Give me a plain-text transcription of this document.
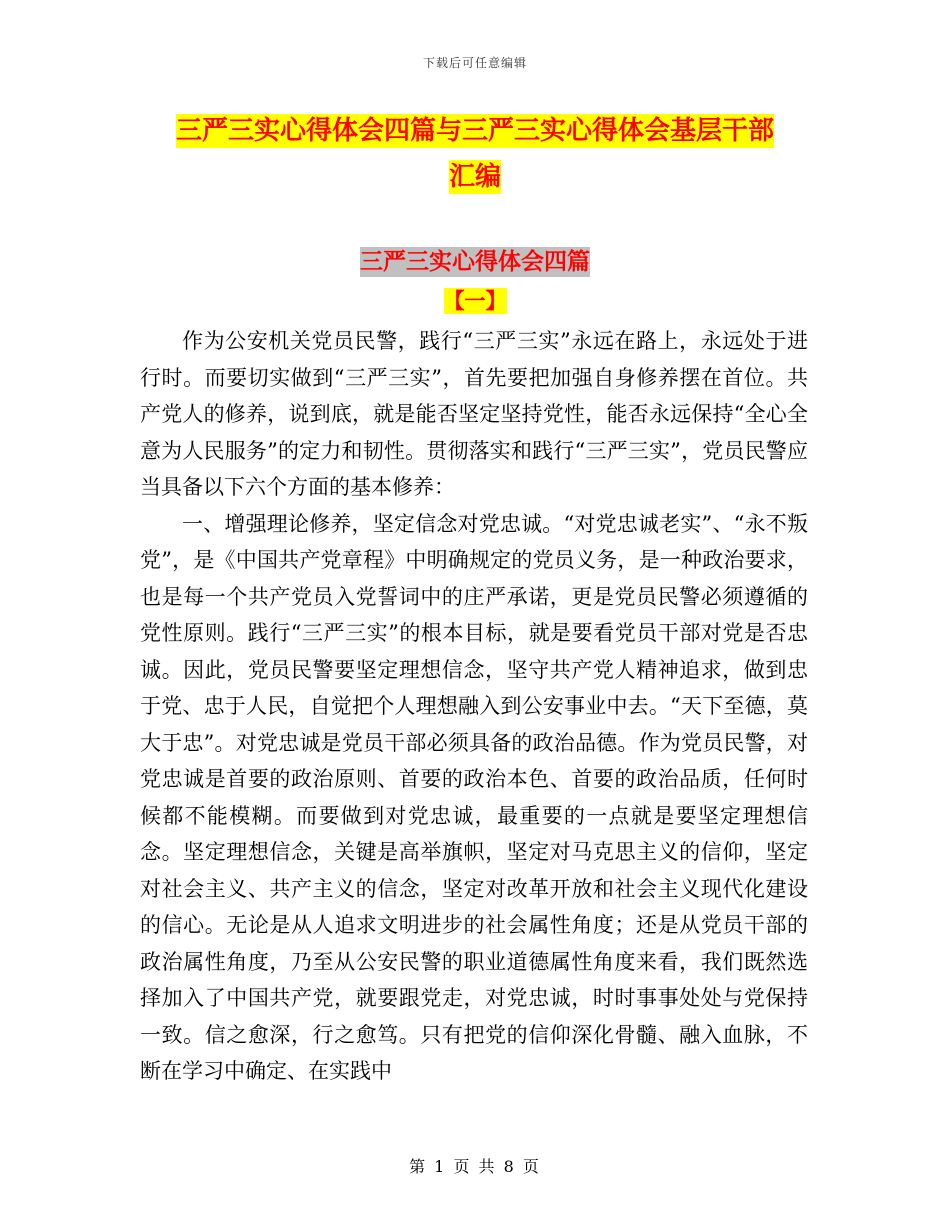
下载后可任意编辑
三严三实心得体会四篇与三严三实心得体会基层干部
汇编
三严三实心得体会四篇
【一】

作为公安机关党员民警，践行“三严三实”永远在路上，永远处于进行时。而要切实做到“三严三实”，首先要把加强自身修养摆在首位。共产党人的修养，说到底，就是能否坚定坚持党性，能否永远保持“全心全意为人民服务”的定力和韧性。贯彻落实和践行“三严三实”，党员民警应当具备以下六个方面的基本修养：

一、增强理论修养，坚定信念对党忠诚。“对党忠诚老实”、“永不叛党”，是《中国共产党章程》中明确规定的党员义务，是一种政治要求，也是每一个共产党员入党誓词中的庄严承诺，更是党员民警必须遵循的党性原则。践行“三严三实”的根本目标，就是要看党员干部对党是否忠诚。因此，党员民警要坚定理想信念，坚守共产党人精神追求，做到忠于党、忠于人民，自觉把个人理想融入到公安事业中去。“天下至德，莫大于忠”。对党忠诚是党员干部必须具备的政治品德。作为党员民警，对党忠诚是首要的政治原则、首要的政治本色、首要的政治品质，任何时候都不能模糊。而要做到对党忠诚，最重要的一点就是要坚定理想信念。坚定理想信念，关键是高举旗帜，坚定对马克思主义的信仰，坚定对社会主义、共产主义的信念，坚定对改革开放和社会主义现代化建设的信心。无论是从人追求文明进步的社会属性角度；还是从党员干部的政治属性角度，乃至从公安民警的职业道德属性角度来看，我们既然选择加入了中国共产党，就要跟党走，对党忠诚，时时事事处处与党保持一致。信之愈深，行之愈笃。只有把党的信仰深化骨髓、融入血脉，不断在学习中确定、在实践中

第 1 页 共 8 页
